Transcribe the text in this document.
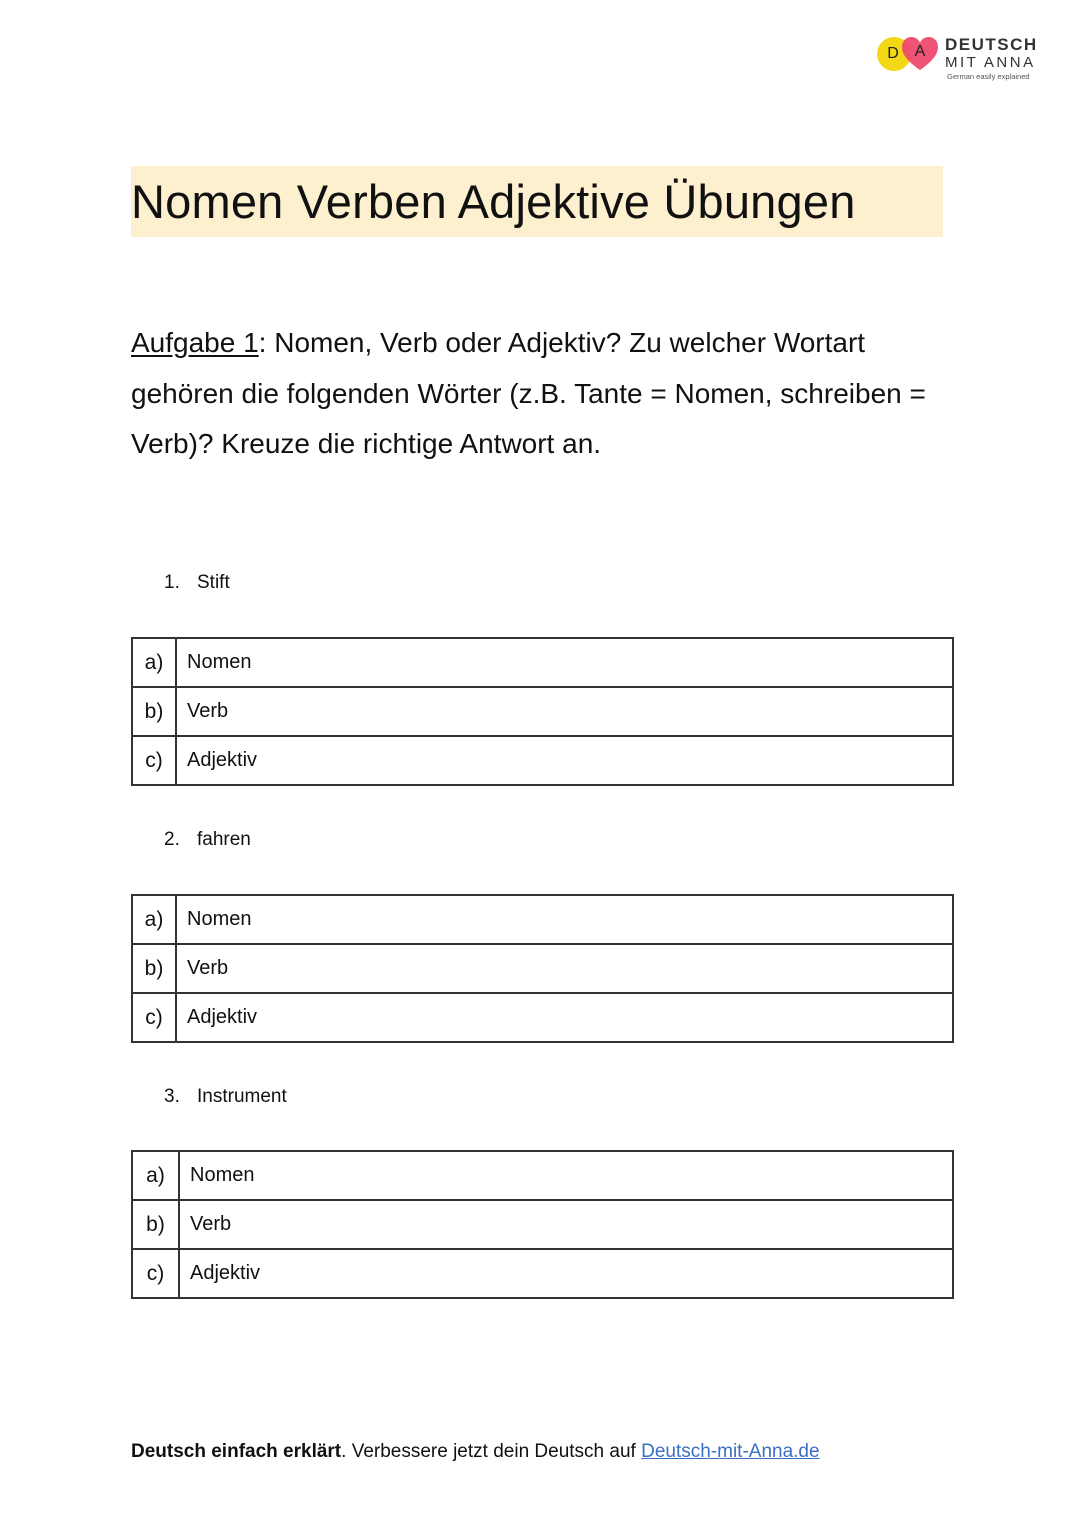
D A	DEUTSCH
MIT ANNA
German easily explained
Nomen Verben Adjektive Übungen
Aufgabe 1: Nomen, Verb oder Adjektiv? Zu welcher Wortart gehören die folgenden Wörter (z.B. Tante = Nomen, schreiben = Verb)? Kreuze die richtige Antwort an.
1. Stift
a)	Nomen
b)	Verb
c)	Adjektiv
2. fahren
a)	Nomen
b)	Verb
c)	Adjektiv
3. Instrument
a)	Nomen
b)	Verb
c)	Adjektiv
Deutsch einfach erklärt. Verbessere jetzt dein Deutsch auf Deutsch-mit-Anna.de
